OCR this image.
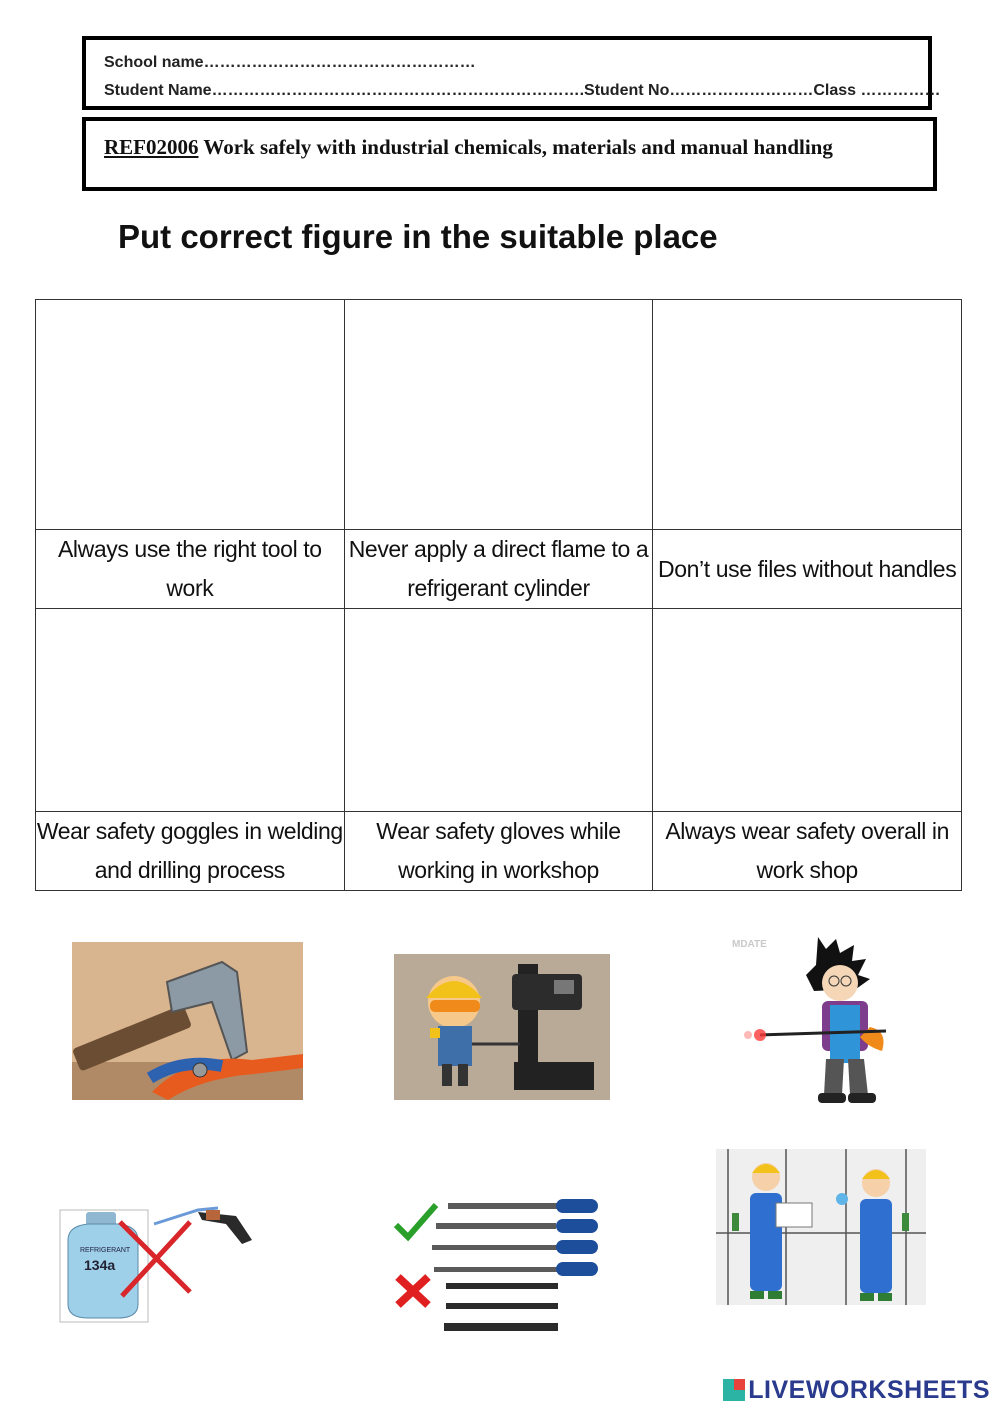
School name……………………………………………
Student Name…………………………………………………………….Student No………………………Class ……………
REF02006 Work safely with industrial chemicals, materials and manual handling
Put correct figure in the suitable place

Always use the right tool to work	Never apply a direct flame to a refrigerant cylinder	Don’t use files without handles

Wear safety goggles in welding and drilling process	Wear safety gloves while working in workshop	Always wear safety overall in work shop
MDATE
REFRIGERANT
134a
LIVEWORKSHEETS
